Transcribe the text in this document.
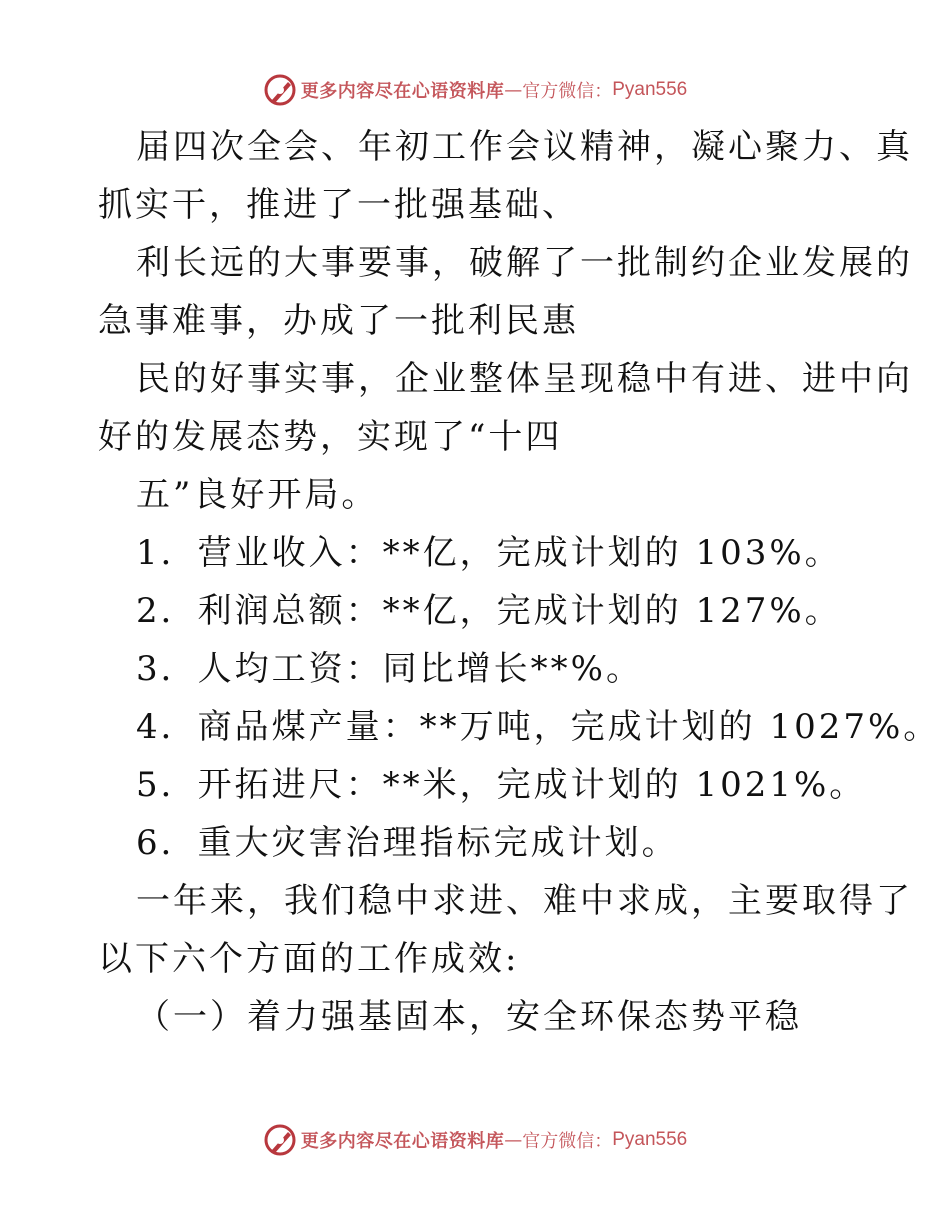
更多内容尽在心语资料库 — 官方微信： Pyan556
届四次全会、年初工作会议精神，凝心聚力、真
抓实干，推进了一批强基础、
利长远的大事要事，破解了一批制约企业发展的
急事难事，办成了一批利民惠
民的好事实事，企业整体呈现稳中有进、进中向
好的发展态势，实现了“十四
五”良好开局。
1．营业收入：**亿，完成计划的 103%。
2．利润总额：**亿，完成计划的 127%。
3．人均工资：同比增长**%。
4．商品煤产量：**万吨，完成计划的 1027%。
5．开拓进尺：**米，完成计划的 1021%。
6．重大灾害治理指标完成计划。
一年来，我们稳中求进、难中求成，主要取得了
以下六个方面的工作成效:
（一）着力强基固本，安全环保态势平稳
更多内容尽在心语资料库 — 官方微信： Pyan556
